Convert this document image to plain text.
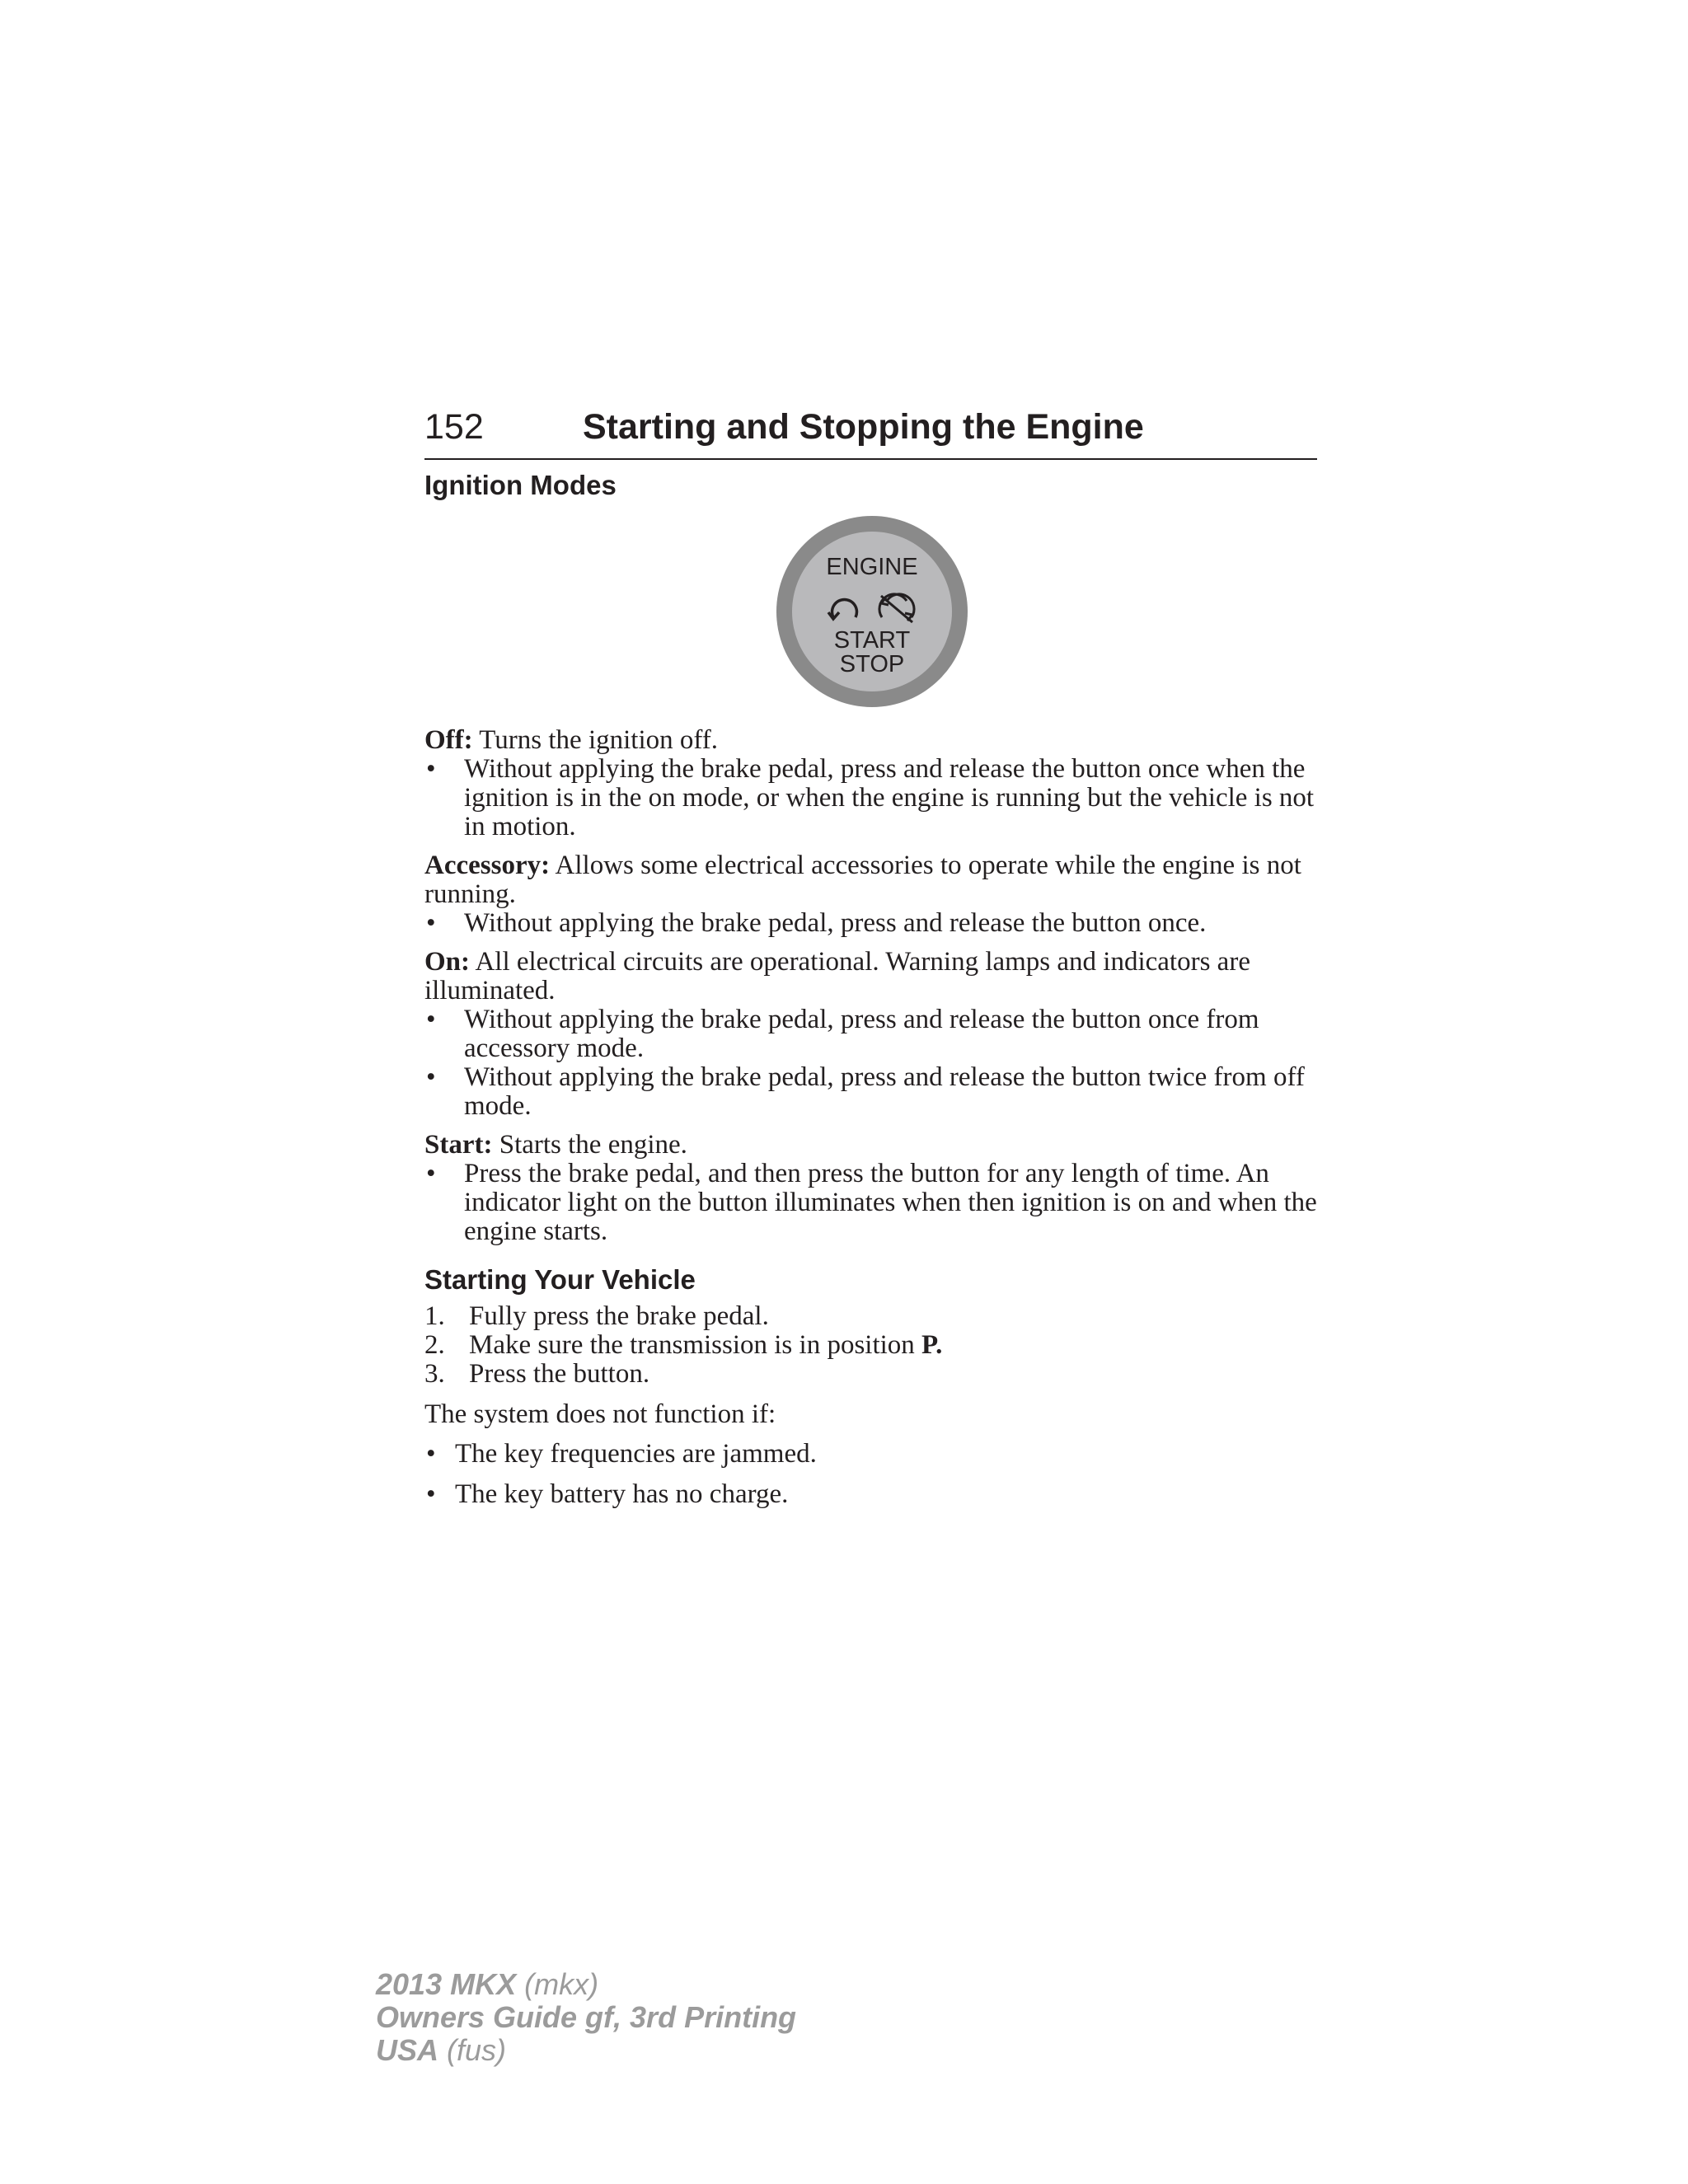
152	Starting and Stopping the Engine
Ignition Modes
ENGINE
START
STOP

Off: Turns the ignition off.

• Without applying the brake pedal, press and release the button once when the ignition is in the on mode, or when the engine is running but the vehicle is not in motion.

Accessory: Allows some electrical accessories to operate while the engine is not running.

• Without applying the brake pedal, press and release the button once.

On: All electrical circuits are operational. Warning lamps and indicators are illuminated.

• Without applying the brake pedal, press and release the button once from accessory mode.
• Without applying the brake pedal, press and release the button twice from off mode.

Start: Starts the engine.

• Press the brake pedal, and then press the button for any length of time. An indicator light on the button illuminates when then ignition is on and when the engine starts.
Starting Your Vehicle
1. Fully press the brake pedal.
2. Make sure the transmission is in position P.
3. Press the button.

The system does not function if:

• The key frequencies are jammed.
• The key battery has no charge.
2013 MKX (mkx)
Owners Guide gf, 3rd Printing
USA (fus)
